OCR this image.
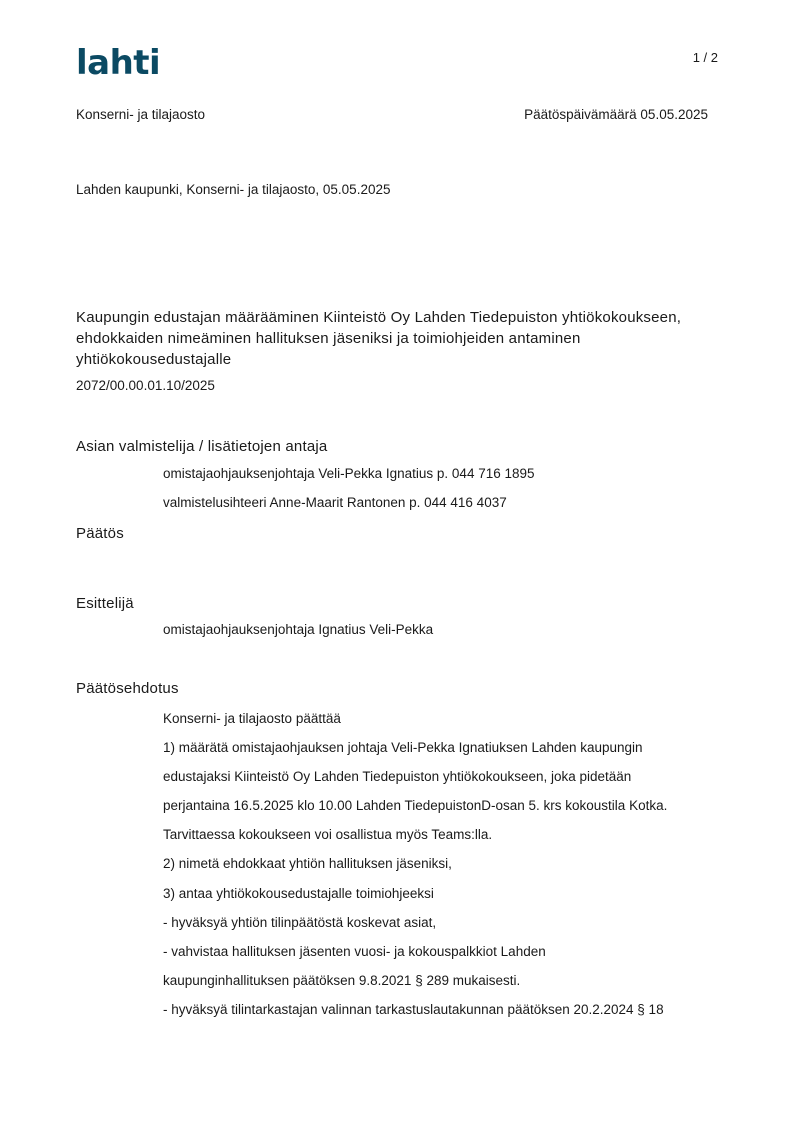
lahti	1 / 2
Konserni- ja tilajaosto	Päätöspäivämäärä 05.05.2025
Lahden kaupunki, Konserni- ja tilajaosto, 05.05.2025
Kaupungin edustajan määrääminen Kiinteistö Oy Lahden Tiedepuiston yhtiökokoukseen,
ehdokkaiden nimeäminen hallituksen jäseniksi ja toimiohjeiden antaminen
yhtiökokousedustajalle
2072/00.00.01.10/2025
Asian valmistelija / lisätietojen antaja
omistajaohjauksenjohtaja Veli-Pekka Ignatius p. 044 716 1895
valmistelusihteeri Anne-Maarit Rantonen p. 044 416 4037
Päätös
Esittelijä
omistajaohjauksenjohtaja Ignatius Veli-Pekka
Päätösehdotus
Konserni- ja tilajaosto päättää
1) määrätä omistajaohjauksen johtaja Veli-Pekka Ignatiuksen Lahden kaupungin
edustajaksi Kiinteistö Oy Lahden Tiedepuiston yhtiökokoukseen, joka pidetään
perjantaina 16.5.2025 klo 10.00 Lahden TiedepuistonD-osan 5. krs kokoustila Kotka.
Tarvittaessa kokoukseen voi osallistua myös Teams:lla.
2) nimetä ehdokkaat yhtiön hallituksen jäseniksi,
3) antaa yhtiökokousedustajalle toimiohjeeksi
- hyväksyä yhtiön tilinpäätöstä koskevat asiat,
- vahvistaa hallituksen jäsenten vuosi- ja kokouspalkkiot Lahden
kaupunginhallituksen päätöksen 9.8.2021 § 289 mukaisesti.
- hyväksyä tilintarkastajan valinnan tarkastuslautakunnan päätöksen 20.2.2024 § 18
